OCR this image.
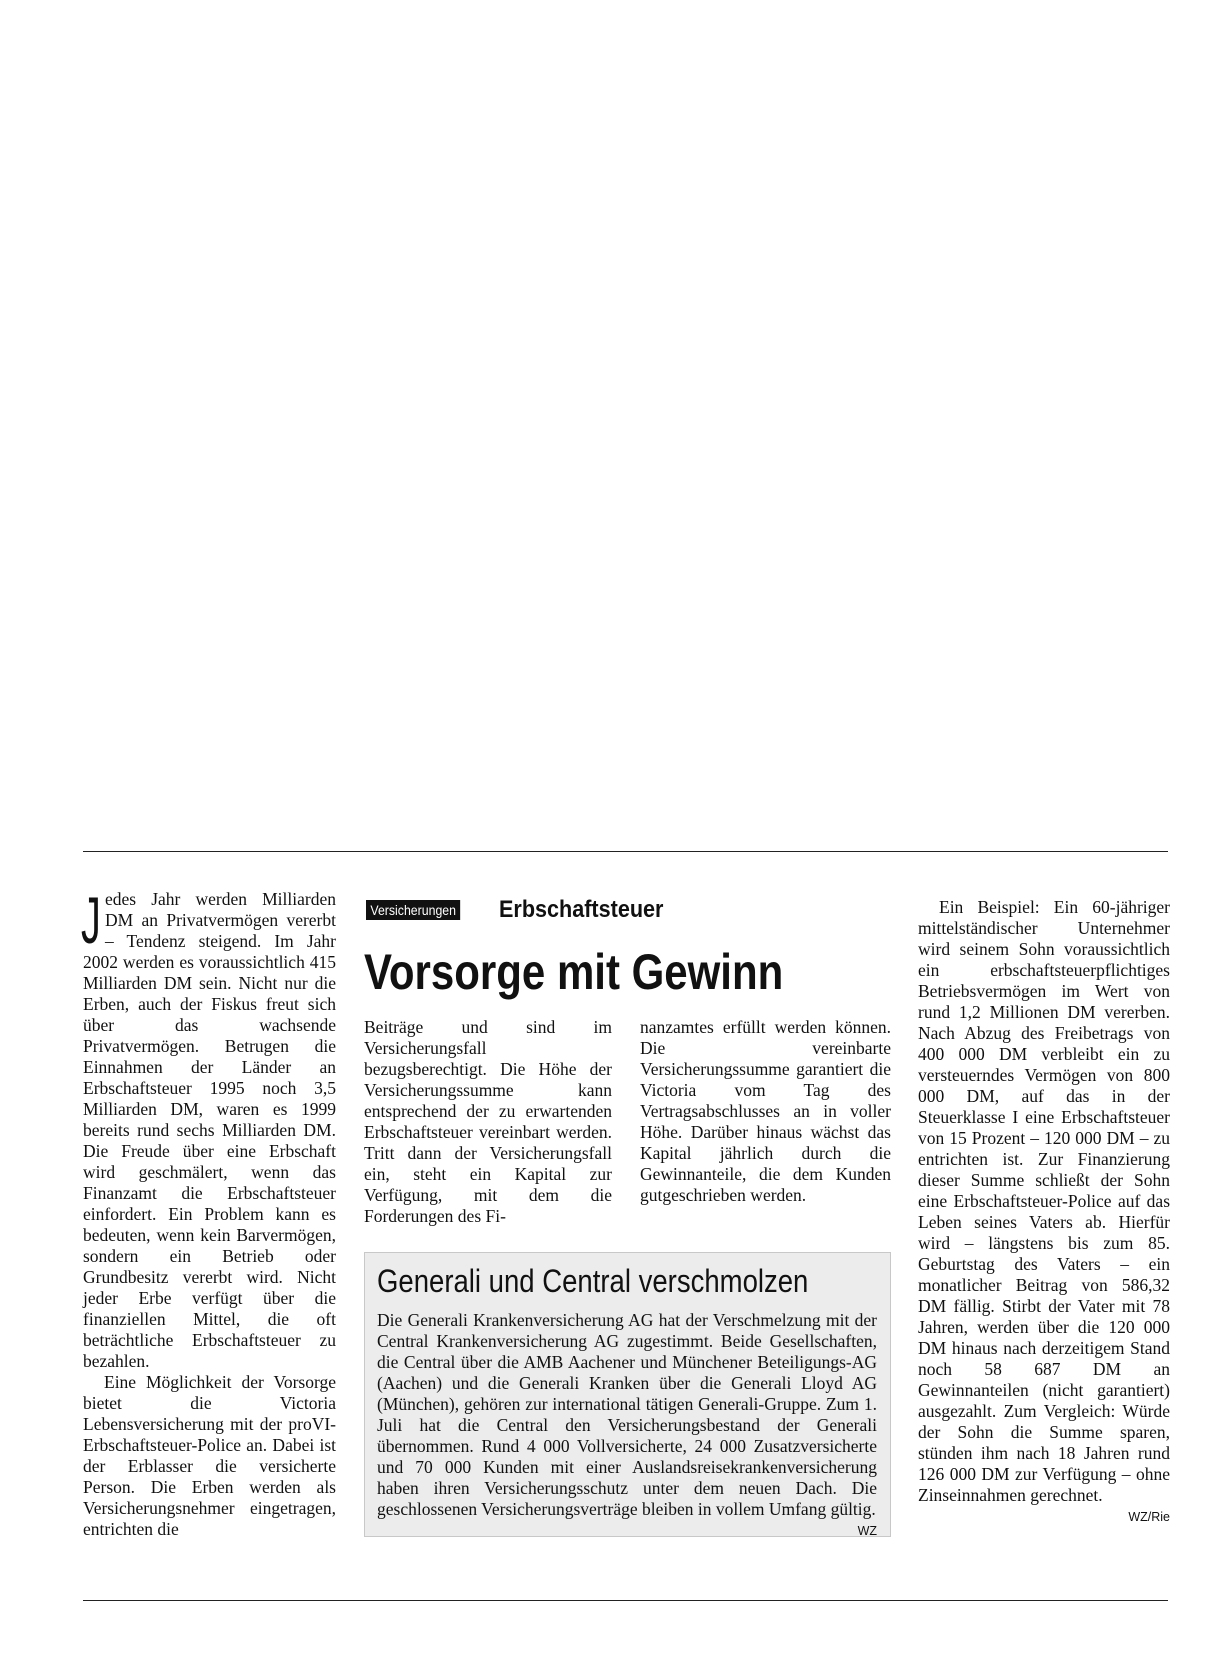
Jedes Jahr werden Milliarden DM an Privatvermögen vererbt – Tendenz steigend. Im Jahr 2002 werden es voraussichtlich 415 Milliarden DM sein. Nicht nur die Erben, auch der Fiskus freut sich über das wachsende Privatvermögen. Betrugen die Einnahmen der Länder an Erbschaftsteuer 1995 noch 3,5 Milliarden DM, waren es 1999 bereits rund sechs Milliarden DM. Die Freude über eine Erbschaft wird geschmälert, wenn das Finanzamt die Erbschaftsteuer einfordert. Ein Problem kann es bedeuten, wenn kein Barvermögen, sondern ein Betrieb oder Grundbesitz vererbt wird. Nicht jeder Erbe verfügt über die finanziellen Mittel, die oft beträchtliche Erbschaftsteuer zu bezahlen.

Eine Möglichkeit der Vorsorge bietet die Victoria Lebensversicherung mit der proVI-Erbschaftsteuer-Police an. Dabei ist der Erblasser die versicherte Person. Die Erben werden als Versicherungsnehmer eingetragen, entrichten die

Versicherungen Erbschaftsteuer
Vorsorge mit Gewinn

Beiträge und sind im Versicherungsfall bezugsberechtigt. Die Höhe der Versicherungssumme kann entsprechend der zu erwartenden Erbschaftsteuer vereinbart werden. Tritt dann der Versicherungsfall ein, steht ein Kapital zur Verfügung, mit dem die Forderungen des Fi-

nanzamtes erfüllt werden können. Die vereinbarte Versicherungssumme garantiert die Victoria vom Tag des Vertragsabschlusses an in voller Höhe. Darüber hinaus wächst das Kapital jährlich durch die Gewinnanteile, die dem Kunden gutgeschrieben werden.

Generali und Central verschmolzen
Die Generali Krankenversicherung AG hat der Verschmelzung mit der Central Krankenversicherung AG zugestimmt. Beide Gesellschaften, die Central über die AMB Aachener und Münchener Beteiligungs-AG (Aachen) und die Generali Kranken über die Generali Lloyd AG (München), gehören zur international tätigen Generali-Gruppe. Zum 1. Juli hat die Central den Versicherungsbestand der Generali übernommen. Rund 4 000 Vollversicherte, 24 000 Zusatzversicherte und 70 000 Kunden mit einer Auslandsreisekrankenversicherung haben ihren Versicherungsschutz unter dem neuen Dach. Die geschlossenen Versicherungsverträge bleiben in vollem Umfang gültig.
WZ

Ein Beispiel: Ein 60-jähriger mittelständischer Unternehmer wird seinem Sohn voraussichtlich ein erbschaftsteuerpflichtiges Betriebsvermögen im Wert von rund 1,2 Millionen DM vererben. Nach Abzug des Freibetrags von 400 000 DM verbleibt ein zu versteuerndes Vermögen von 800 000 DM, auf das in der Steuerklasse I eine Erbschaftsteuer von 15 Prozent – 120 000 DM – zu entrichten ist. Zur Finanzierung dieser Summe schließt der Sohn eine Erbschaftsteuer-Police auf das Leben seines Vaters ab. Hierfür wird – längstens bis zum 85. Geburtstag des Vaters – ein monatlicher Beitrag von 586,32 DM fällig. Stirbt der Vater mit 78 Jahren, werden über die 120 000 DM hinaus nach derzeitigem Stand noch 58 687 DM an Gewinnanteilen (nicht garantiert) ausgezahlt. Zum Vergleich: Würde der Sohn die Summe sparen, stünden ihm nach 18 Jahren rund 126 000 DM zur Verfügung – ohne Zinseinnahmen gerechnet.
WZ/Rie
